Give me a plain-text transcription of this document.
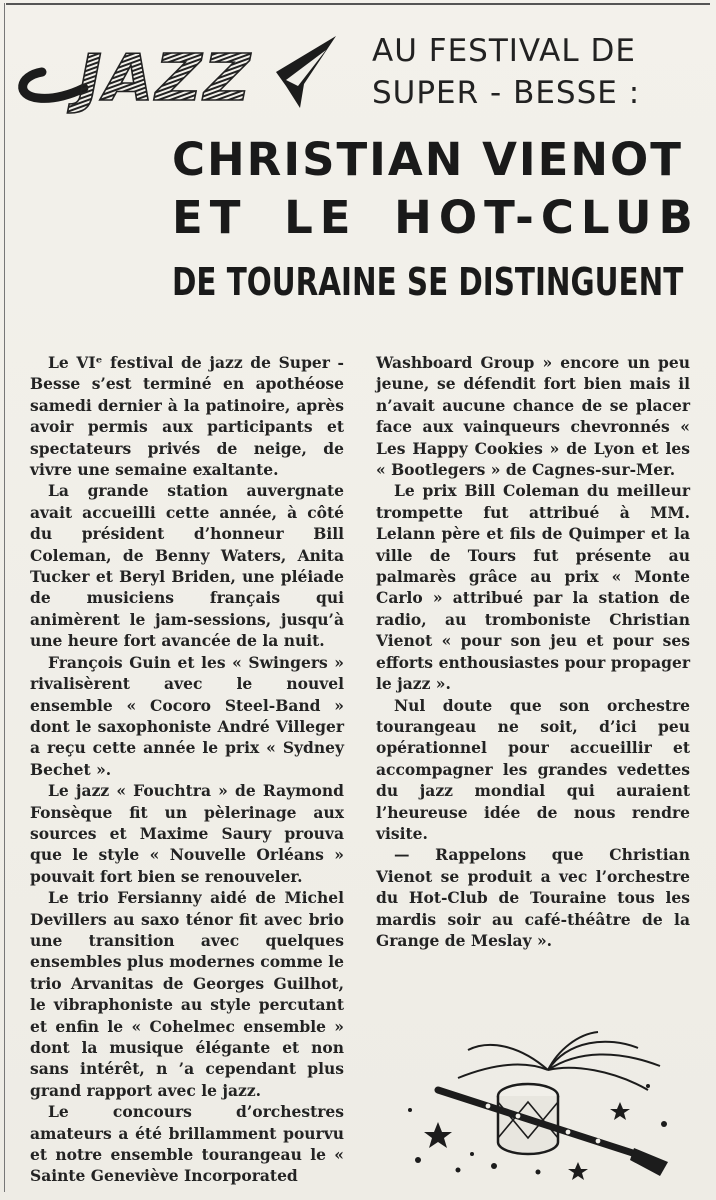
JAZZ	AU FESTIVAL DE
SUPER - BESSE :
CHRISTIAN VIENOT
ET LE HOT-CLUB
DE TOURAINE SE DISTINGUENT

Le VIᵉ festival de jazz de Super - Besse s’est terminé en apothéose samedi dernier à la patinoire, après avoir permis aux participants et spectateurs privés de neige, de vivre une semaine exaltante.

La grande station auvergnate avait accueilli cette année, à côté du président d’honneur Bill Coleman, de Benny Waters, Anita Tucker et Beryl Briden, une pléiade de musiciens français qui animèrent le jam-sessions, jusqu’à une heure fort avancée de la nuit.

François Guin et les « Swingers » rivalisèrent avec le nouvel ensemble « Cocoro Steel-Band » dont le saxophoniste André Villeger a reçu cette année le prix « Sydney Bechet ».

Le jazz « Fouchtra » de Raymond Fonsèque fit un pèlerinage aux sources et Maxime Saury prouva que le style « Nouvelle Orléans » pouvait fort bien se renouveler.

Le trio Fersianny aidé de Michel Devillers au saxo ténor fit avec brio une transition avec quelques ensembles plus modernes comme le trio Arvanitas de Georges Guilhot, le vibraphoniste au style percutant et enfin le « Cohelmec ensemble » dont la musique élégante et non sans intérêt, n ’a cependant plus grand rapport avec le jazz.

Le concours d’orchestres amateurs a été brillamment pourvu et notre ensemble tourangeau le « Sainte Geneviève Incorporated

Washboard Group » encore un peu jeune, se défendit fort bien mais il n’avait aucune chance de se placer face aux vainqueurs chevronnés « Les Happy Cookies » de Lyon et les « Bootlegers » de Cagnes-sur-Mer.

Le prix Bill Coleman du meilleur trompette fut attribué à MM. Lelann père et fils de Quimper et la ville de Tours fut présente au palmarès grâce au prix « Monte Carlo » attribué par la station de radio, au tromboniste Christian Vienot « pour son jeu et pour ses efforts enthousiastes pour propager le jazz ».

Nul doute que son orchestre tourangeau ne soit, d’ici peu opérationnel pour accueillir et accompagner les grandes vedettes du jazz mondial qui auraient l’heureuse idée de nous rendre visite.

— Rappelons que Christian Vienot se produit a vec l’orchestre du Hot-Club de Touraine tous les mardis soir au café-théâtre de la Grange de Meslay ».
